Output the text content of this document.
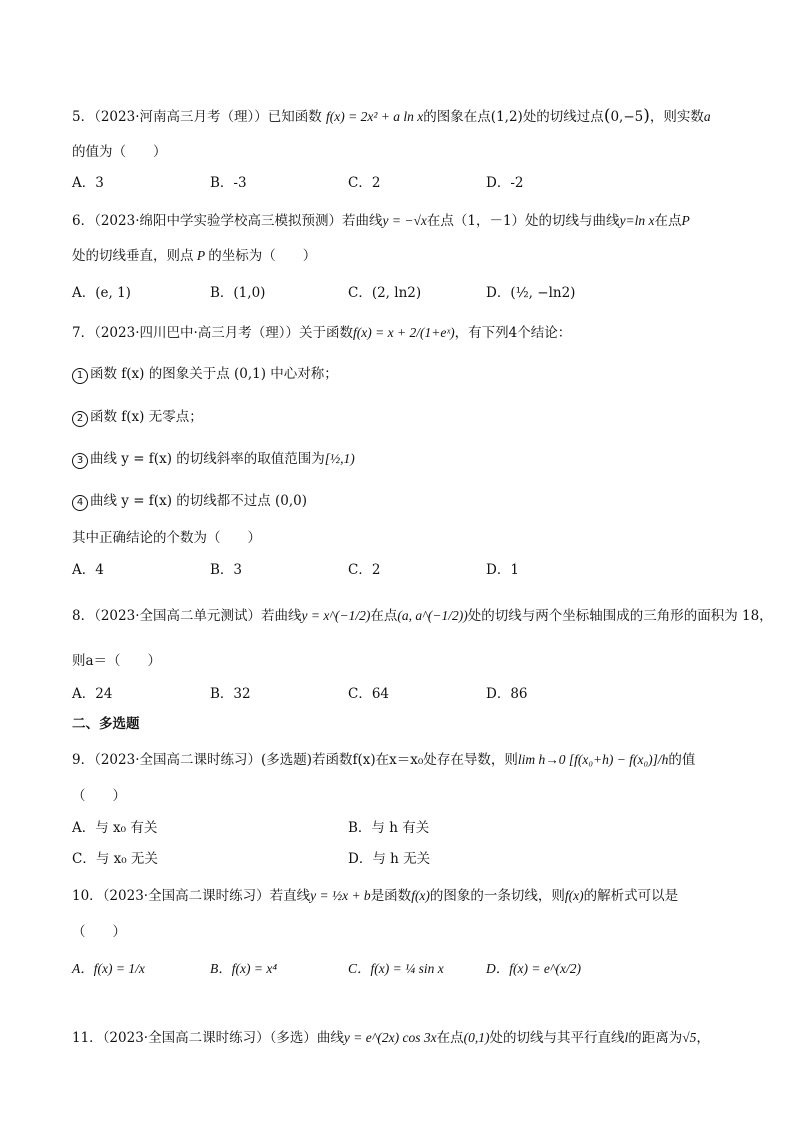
5．（2023·河南高三月考（理））已知函数 f(x) = 2x² + a ln x的图象在点(1,2)处的切线过点(0,−5)，则实数a
的值为（　　）
A．3	B．-3	C．2	D．-2
6．（2023·绵阳中学实验学校高三模拟预测）若曲线y = −√x在点（1，－1）处的切线与曲线y=ln x在点P
处的切线垂直，则点 P 的坐标为（　　）
A．(e, 1)	B．(1,0)	C．(2, ln2)	D．(½, −ln2)
7．（2023·四川巴中·高三月考（理））关于函数f(x) = x + 2/(1+eˣ)，有下列4个结论：
1 函数 f(x) 的图象关于点 (0,1) 中心对称；
2 函数 f(x) 无零点；
3 曲线 y = f(x) 的切线斜率的取值范围为[½,1)
4 曲线 y = f(x) 的切线都不过点 (0,0)
其中正确结论的个数为（　　）
A．4	B．3	C．2	D．1
8．（2023·全国高二单元测试）若曲线y = x^(−1/2)在点(a, a^(−1/2))处的切线与两个坐标轴围成的三角形的面积为 18，
则a＝（　　）
A．24	B．32	C．64	D．86
二、多选题
9．（2023·全国高二课时练习）(多选题)若函数f(x)在x＝x₀处存在导数，则lim h→0 [f(x₀+h) − f(x₀)]/h的值
（　　）
A．与 x₀ 有关	B．与 h 有关
C．与 x₀ 无关	D．与 h 无关
10．（2023·全国高二课时练习）若直线y = ½x + b是函数f(x)的图象的一条切线，则f(x)的解析式可以是
（　　）
A．f(x) = 1/x	B．f(x) = x⁴	C．f(x) = ¼ sin x	D．f(x) = e^(x/2)
11．（2023·全国高二课时练习）（多选）曲线y = e^(2x) cos 3x在点(0,1)处的切线与其平行直线l的距离为√5，
